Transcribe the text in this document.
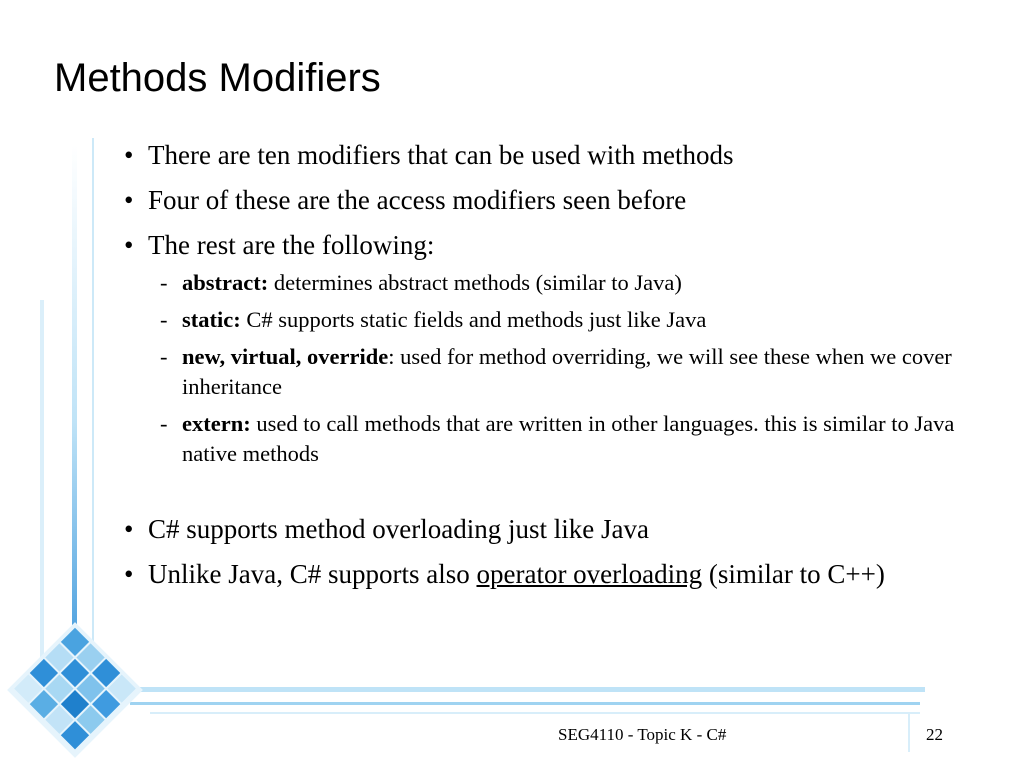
Methods Modifiers
• There are ten modifiers that can be used with methods
• Four of these are the access modifiers seen before
• The rest are the following:
- abstract: determines abstract methods (similar to Java)
- static: C# supports static fields and methods just like Java
- new, virtual, override: used for method overriding, we will see these when we cover inheritance
- extern: used to call methods that are written in other languages. this is similar to Java native methods
• C# supports method overloading just like Java
• Unlike Java, C# supports also operator overloading (similar to C++)
SEG4110 - Topic K - C#	22
